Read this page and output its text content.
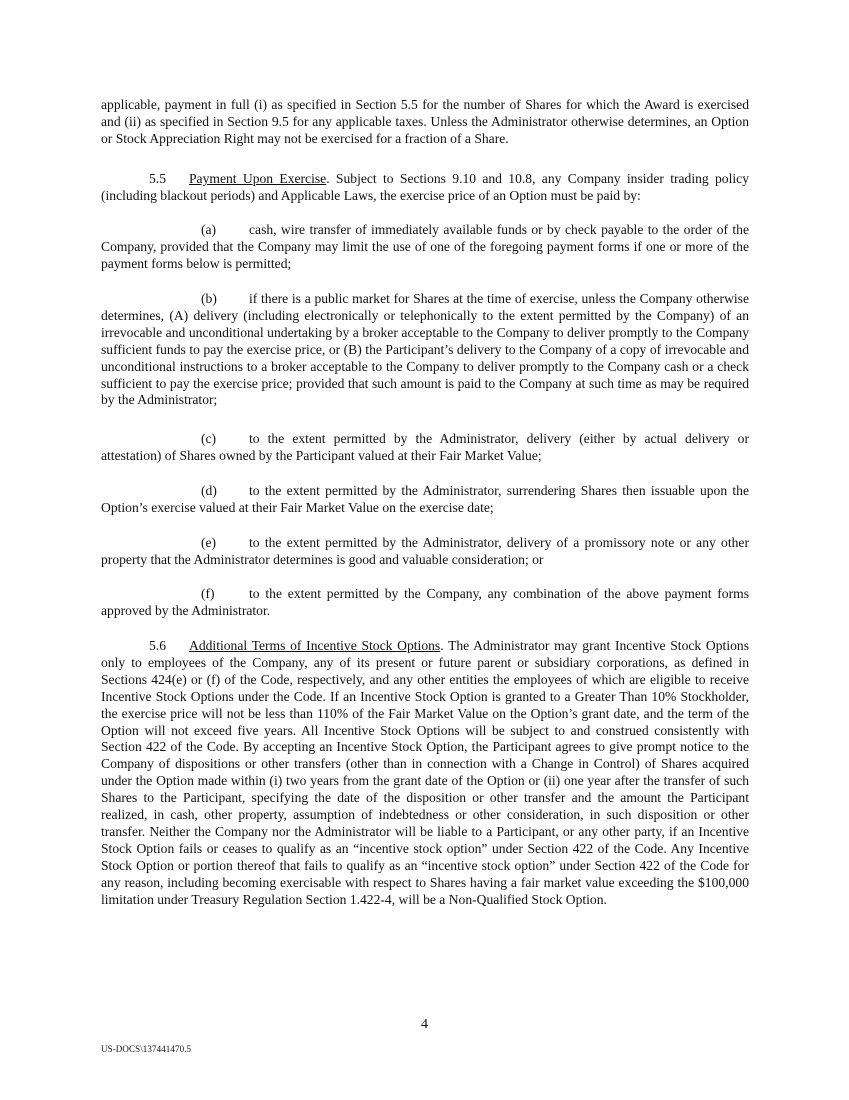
applicable, payment in full (i) as specified in Section 5.5 for the number of Shares for which the Award is exercised and (ii) as specified in Section 9.5 for any applicable taxes. Unless the Administrator otherwise determines, an Option or Stock Appreciation Right may not be exercised for a fraction of a Share.

5.5 Payment Upon Exercise. Subject to Sections 9.10 and 10.8, any Company insider trading policy (including blackout periods) and Applicable Laws, the exercise price of an Option must be paid by:

(a) cash, wire transfer of immediately available funds or by check payable to the order of the Company, provided that the Company may limit the use of one of the foregoing payment forms if one or more of the payment forms below is permitted;

(b) if there is a public market for Shares at the time of exercise, unless the Company otherwise determines, (A) delivery (including electronically or telephonically to the extent permitted by the Company) of an irrevocable and unconditional undertaking by a broker acceptable to the Company to deliver promptly to the Company sufficient funds to pay the exercise price, or (B) the Participant’s delivery to the Company of a copy of irrevocable and unconditional instructions to a broker acceptable to the Company to deliver promptly to the Company cash or a check sufficient to pay the exercise price; provided that such amount is paid to the Company at such time as may be required by the Administrator;

(c) to the extent permitted by the Administrator, delivery (either by actual delivery or attestation) of Shares owned by the Participant valued at their Fair Market Value;

(d) to the extent permitted by the Administrator, surrendering Shares then issuable upon the Option’s exercise valued at their Fair Market Value on the exercise date;

(e) to the extent permitted by the Administrator, delivery of a promissory note or any other property that the Administrator determines is good and valuable consideration; or

(f)	to the extent permitted by the Company, any combination of the above payment forms approved by the Administrator.

5.6 Additional Terms of Incentive Stock Options. The Administrator may grant Incentive Stock Options only to employees of the Company, any of its present or future parent or subsidiary corporations, as defined in Sections 424(e) or (f) of the Code, respectively, and any other entities the employees of which are eligible to receive Incentive Stock Options under the Code. If an Incentive Stock Option is granted to a Greater Than 10% Stockholder, the exercise price will not be less than 110% of the Fair Market Value on the Option’s grant date, and the term of the Option will not exceed five years. All Incentive Stock Options will be subject to and construed consistently with Section 422 of the Code. By accepting an Incentive Stock Option, the Participant agrees to give prompt notice to the Company of dispositions or other transfers (other than in connection with a Change in Control) of Shares acquired under the Option made within (i) two years from the grant date of the Option or (ii) one year after the transfer of such Shares to the Participant, specifying the date of the disposition or other transfer and the amount the Participant realized, in cash, other property, assumption of indebtedness or other consideration, in such disposition or other transfer. Neither the Company nor the Administrator will be liable to a Participant, or any other party, if an Incentive Stock Option fails or ceases to qualify as an “incentive stock option” under Section 422 of the Code. Any Incentive Stock Option or portion thereof that fails to qualify as an “incentive stock option” under Section 422 of the Code for any reason, including becoming exercisable with respect to Shares having a fair market value exceeding the $100,000 limitation under Treasury Regulation Section 1.422-4, will be a Non-Qualified Stock Option.

4
US-DOCS\137441470.5
